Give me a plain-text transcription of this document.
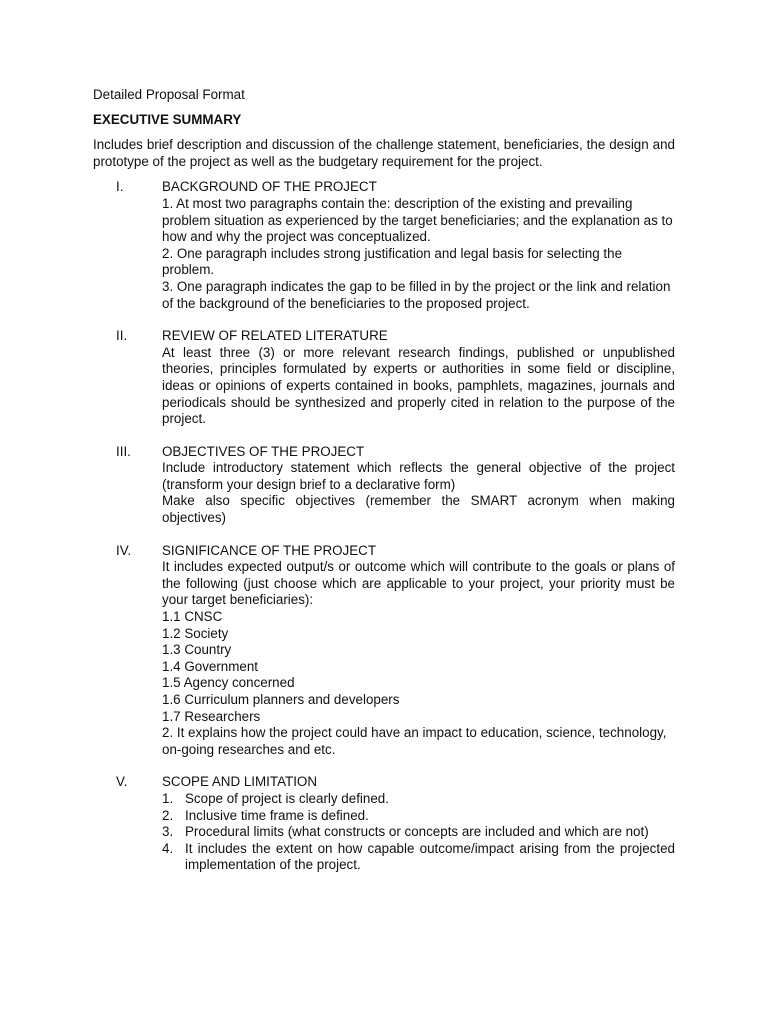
Detailed Proposal Format
EXECUTIVE SUMMARY
Includes brief description and discussion of the challenge statement, beneficiaries, the design and prototype of the project as well as the budgetary requirement for the project.
I.	BACKGROUND OF THE PROJECT
1. At most two paragraphs contain the: description of the existing and prevailing problem situation as experienced by the target beneficiaries; and the explanation as to
how and why the project was conceptualized.
2. One paragraph includes strong justification and legal basis for selecting the problem.
3. One paragraph indicates the gap to be filled in by the project or the link and relation of the background of the beneficiaries to the proposed project.
II.	REVIEW OF RELATED LITERATURE
At least three (3) or more relevant research findings, published or unpublished theories, principles formulated by experts or authorities in some field or discipline, ideas or opinions of experts contained in books, pamphlets, magazines, journals and periodicals should be synthesized and properly cited in relation to the purpose of the project.
III. OBJECTIVES OF THE PROJECT
Include introductory statement which reflects the general objective of the project (transform your design brief to a declarative form)
Make also specific objectives (remember the SMART acronym when making objectives)
IV. SIGNIFICANCE OF THE PROJECT
It includes expected output/s or outcome which will contribute to the goals or plans of the following (just choose which are applicable to your project, your priority must be your target beneficiaries):
1.1 CNSC
1.2 Society
1.3 Country
1.4 Government
1.5 Agency concerned
1.6 Curriculum planners and developers
1.7 Researchers
2. It explains how the project could have an impact to education, science, technology, on-going researches and etc.
V.	SCOPE AND LIMITATION
1. Scope of project is clearly defined.
2. Inclusive time frame is defined.
3. Procedural limits (what constructs or concepts are included and which are not)
4. It includes the extent on how capable outcome/impact arising from the projected implementation of the project.
